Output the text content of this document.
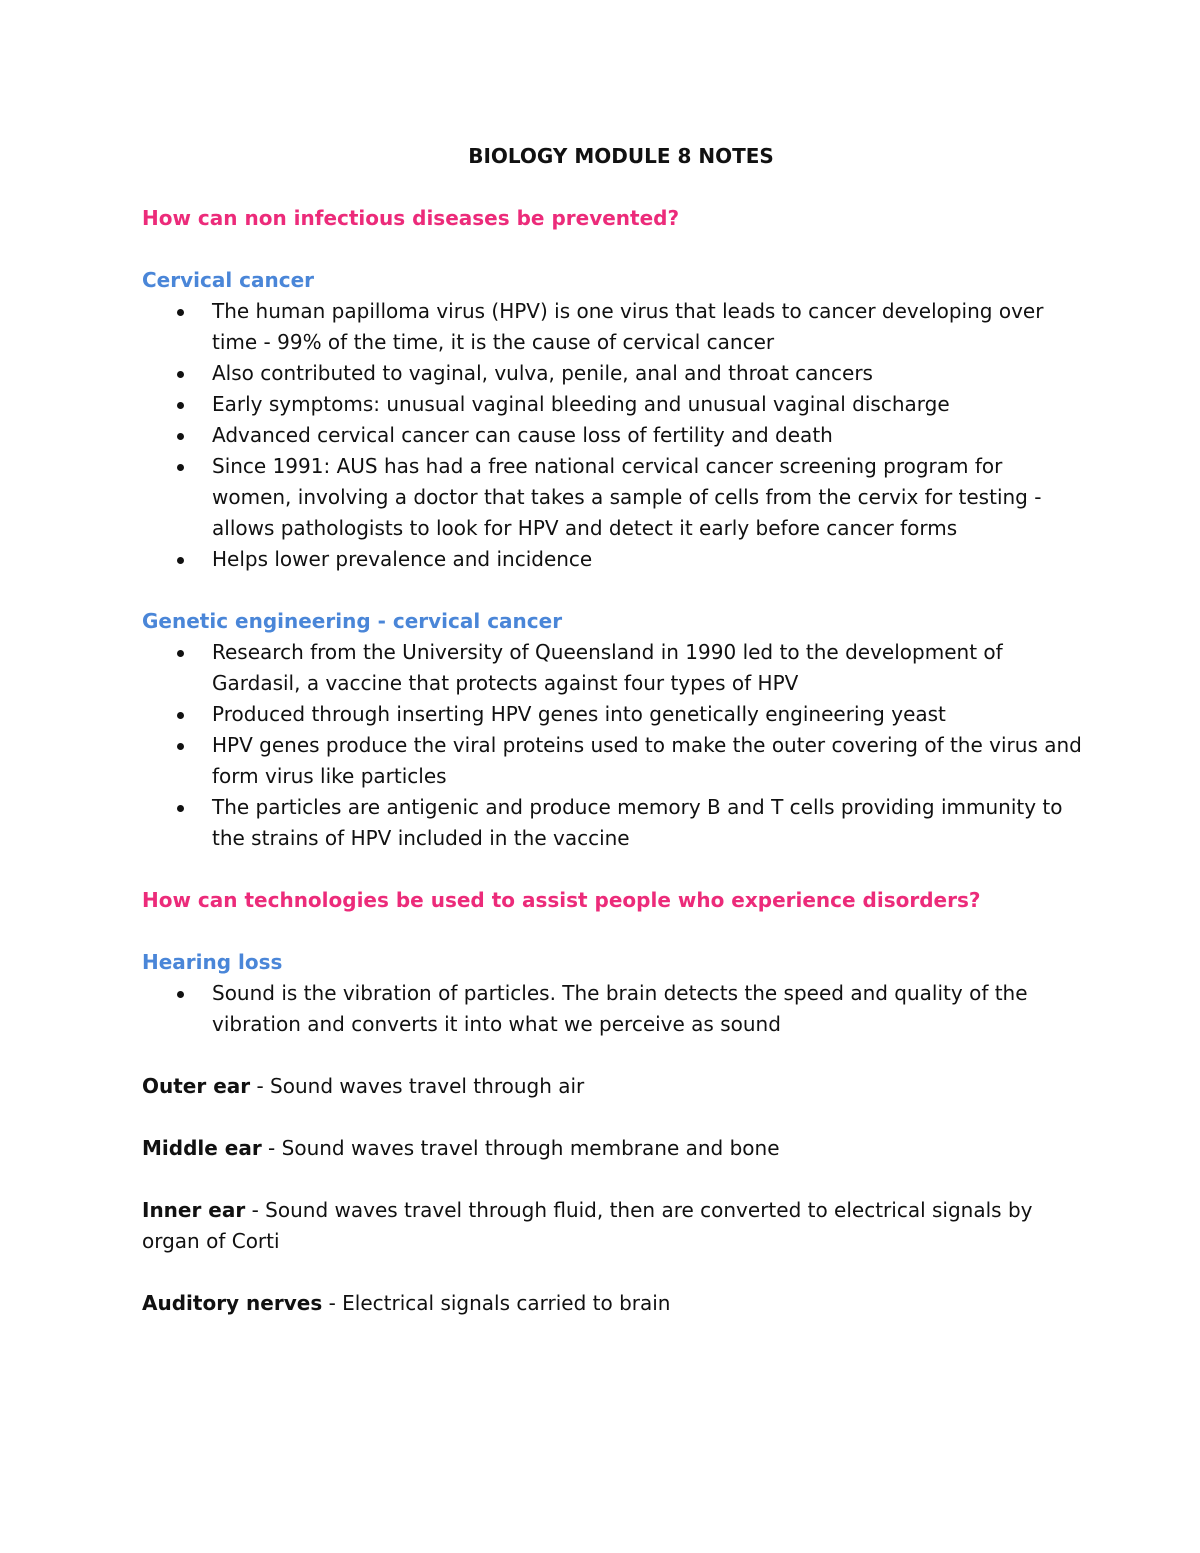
BIOLOGY MODULE 8 NOTES
How can non infectious diseases be prevented?
Cervical cancer
The human papilloma virus (HPV) is one virus that leads to cancer developing over time - 99% of the time, it is the cause of cervical cancer
Also contributed to vaginal, vulva, penile, anal and throat cancers
Early symptoms: unusual vaginal bleeding and unusual vaginal discharge
Advanced cervical cancer can cause loss of fertility and death
Since 1991: AUS has had a free national cervical cancer screening program for women, involving a doctor that takes a sample of cells from the cervix for testing - allows pathologists to look for HPV and detect it early before cancer forms
Helps lower prevalence and incidence
Genetic engineering - cervical cancer
Research from the University of Queensland in 1990 led to the development of Gardasil, a vaccine that protects against four types of HPV
Produced through inserting HPV genes into genetically engineering yeast
HPV genes produce the viral proteins used to make the outer covering of the virus and form virus like particles
The particles are antigenic and produce memory B and T cells providing immunity to the strains of HPV included in the vaccine
How can technologies be used to assist people who experience disorders?
Hearing loss
Sound is the vibration of particles. The brain detects the speed and quality of the vibration and converts it into what we perceive as sound
Outer ear - Sound waves travel through air
Middle ear - Sound waves travel through membrane and bone
Inner ear - Sound waves travel through fluid, then are converted to electrical signals by organ of Corti
Auditory nerves - Electrical signals carried to brain
